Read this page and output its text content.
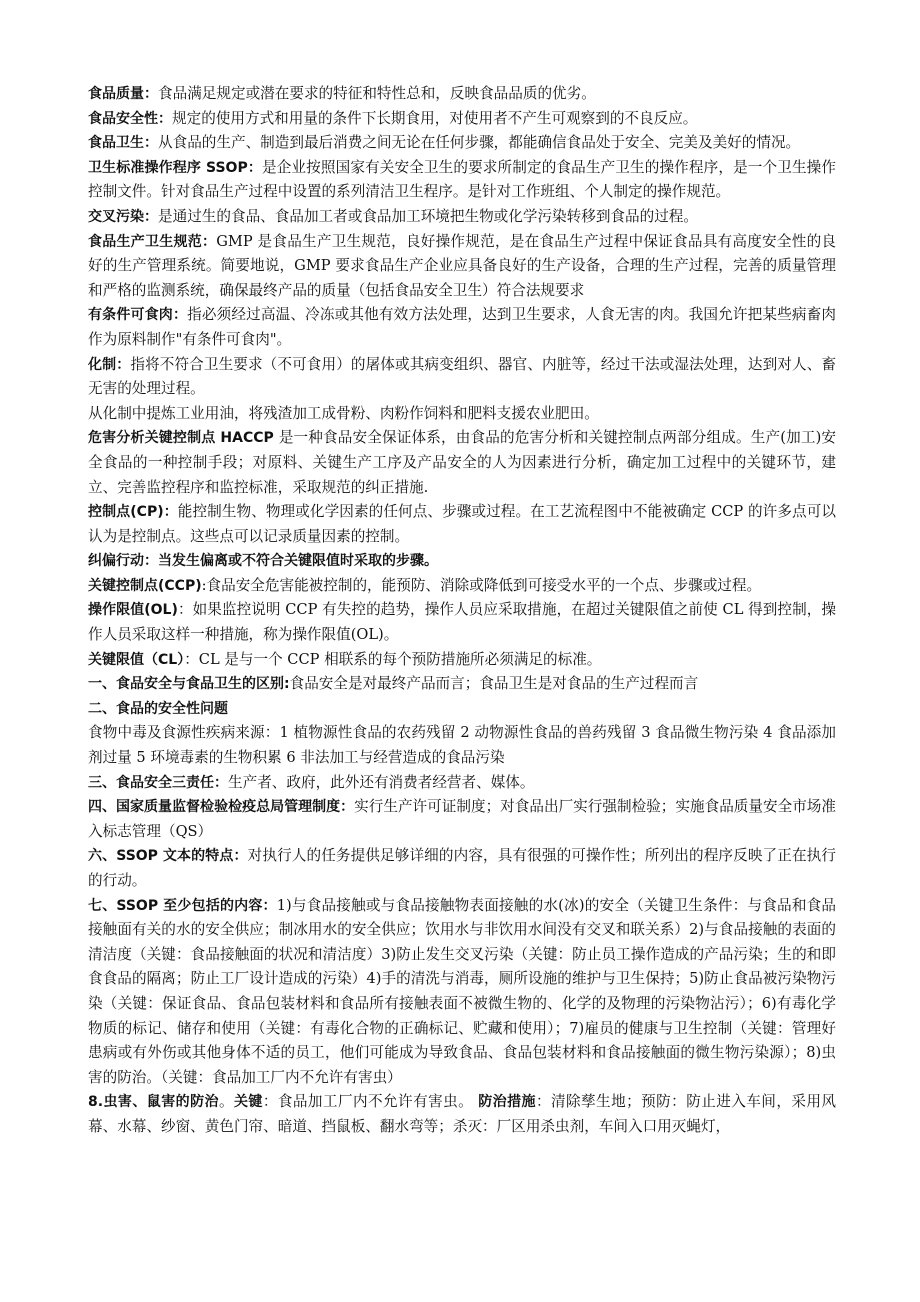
食品质量：食品满足规定或潜在要求的特征和特性总和，反映食品品质的优劣。

食品安全性：规定的使用方式和用量的条件下长期食用，对使用者不产生可观察到的不良反应。

食品卫生：从食品的生产、制造到最后消费之间无论在任何步骤，都能确信食品处于安全、完美及美好的情况。

卫生标准操作程序 SSOP：是企业按照国家有关安全卫生的要求所制定的食品生产卫生的操作程序，是一个卫生操作控制文件。针对食品生产过程中设置的系列清洁卫生程序。是针对工作班组、个人制定的操作规范。

交叉污染：是通过生的食品、食品加工者或食品加工环境把生物或化学污染转移到食品的过程。

食品生产卫生规范：GMP 是食品生产卫生规范，良好操作规范，是在食品生产过程中保证食品具有高度安全性的良好的生产管理系统。简要地说，GMP 要求食品生产企业应具备良好的生产设备，合理的生产过程，完善的质量管理和严格的监测系统，确保最终产品的质量（包括食品安全卫生）符合法规要求

有条件可食肉：指必须经过高温、冷冻或其他有效方法处理，达到卫生要求，人食无害的肉。我国允许把某些病畜肉作为原料制作"有条件可食肉"。

化制：指将不符合卫生要求（不可食用）的屠体或其病变组织、器官、内脏等，经过干法或湿法处理，达到对人、畜无害的处理过程。

从化制中提炼工业用油，将残渣加工成骨粉、肉粉作饲料和肥料支援农业肥田。

危害分析关键控制点 HACCP 是一种食品安全保证体系，由食品的危害分析和关键控制点两部分组成。生产(加工)安全食品的一种控制手段；对原料、关键生产工序及产品安全的人为因素进行分析，确定加工过程中的关键环节，建立、完善监控程序和监控标准，采取规范的纠正措施.

控制点(CP)：能控制生物、物理或化学因素的任何点、步骤或过程。在工艺流程图中不能被确定 CCP 的许多点可以认为是控制点。这些点可以记录质量因素的控制。

纠偏行动：当发生偏离或不符合关键限值时采取的步骤。

关键控制点(CCP):食品安全危害能被控制的，能预防、消除或降低到可接受水平的一个点、步骤或过程。

操作限值(OL)：如果监控说明 CCP 有失控的趋势，操作人员应采取措施，在超过关键限值之前使 CL 得到控制，操作人员采取这样一种措施，称为操作限值(OL)。

关键限值（CL）：CL 是与一个 CCP 相联系的每个预防措施所必须满足的标准。

一、食品安全与食品卫生的区别:食品安全是对最终产品而言；食品卫生是对食品的生产过程而言

二、食品的安全性问题

食物中毒及食源性疾病来源：1 植物源性食品的农药残留 2 动物源性食品的兽药残留 3 食品微生物污染 4 食品添加剂过量 5 环境毒素的生物积累 6 非法加工与经营造成的食品污染

三、食品安全三责任：生产者、政府，此外还有消费者经营者、媒体。

四、国家质量监督检验检疫总局管理制度：实行生产许可证制度；对食品出厂实行强制检验；实施食品质量安全市场准入标志管理（QS）

六、SSOP 文本的特点：对执行人的任务提供足够详细的内容，具有很强的可操作性；所列出的程序反映了正在执行的行动。

七、SSOP 至少包括的内容：1)与食品接触或与食品接触物表面接触的水(冰)的安全（关键卫生条件：与食品和食品接触面有关的水的安全供应；制冰用水的安全供应；饮用水与非饮用水间没有交叉和联关系）2)与食品接触的表面的清洁度（关键：食品接触面的状况和清洁度）3)防止发生交叉污染（关键：防止员工操作造成的产品污染；生的和即食食品的隔离；防止工厂设计造成的污染）4)手的清洗与消毒，厕所设施的维护与卫生保持；5)防止食品被污染物污染（关键：保证食品、食品包装材料和食品所有接触表面不被微生物的、化学的及物理的污染物沾污）；6)有毒化学物质的标记、储存和使用（关键：有毒化合物的正确标记、贮藏和使用）；7)雇员的健康与卫生控制（关键：管理好患病或有外伤或其他身体不适的员工，他们可能成为导致食品、食品包装材料和食品接触面的微生物污染源）；8)虫害的防治。（关键：食品加工厂内不允许有害虫）

8.虫害、鼠害的防治。关键：食品加工厂内不允许有害虫。 防治措施：清除孳生地；预防：防止进入车间，采用风幕、水幕、纱窗、黄色门帘、暗道、挡鼠板、翻水弯等；杀灭：厂区用杀虫剂，车间入口用灭蝇灯，
